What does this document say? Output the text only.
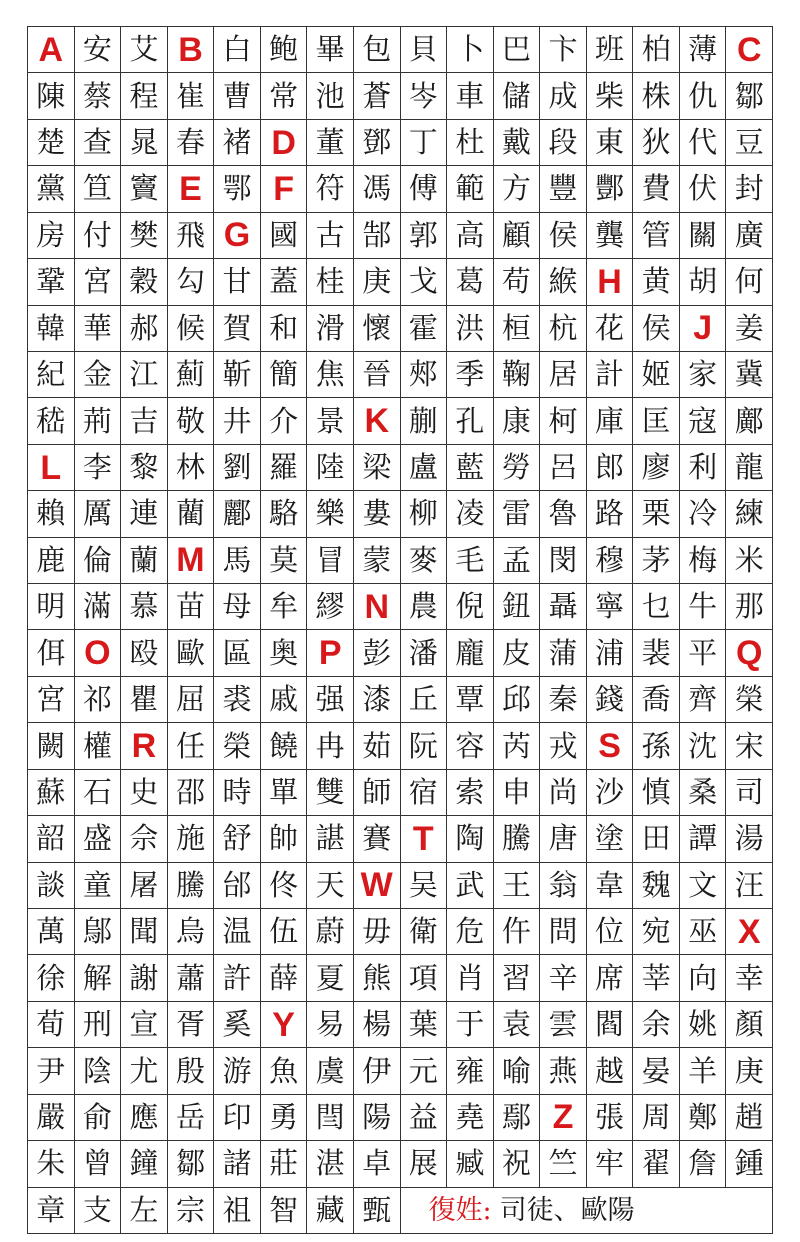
A 安 艾 B 白 鲍 畢 包 貝 卜 巴 卞 班 柏 薄 C
陳 蔡 程 崔 曹 常 池 蒼 岑 車 儲 成 柴 株 仇 鄒
楚 查 晁 春 褚 D 董 鄧 丁 杜 戴 段 東 狄 代 豆
黨 笪 竇 E 鄂 F 符 馮 傅 範 方 豐 酆 費 伏 封
房 付 樊 飛 G 國 古 郜 郭 高 顧 侯 龔 管 關 廣
鞏 宮 穀 勾 甘 蓋 桂 庚 戈 葛 苟 緱 H 黄 胡 何
韓 華 郝 候 賀 和 滑 懷 霍 洪 桓 杭 花 侯 J 姜
紀 金 江 薊 靳 簡 焦 晉 郟 季 鞠 居 計 姬 家 冀
嵇 荊 吉 敬 井 介 景 K 蒯 孔 康 柯 庫 匡 寇 鄺
L 李 黎 林 劉 羅 陸 梁 盧 藍 勞 呂 郎 廖 利 龍
賴 厲 連 藺 酈 駱 樂 婁 柳 凌 雷 魯 路 栗 冷 練
鹿 倫 蘭 M 馬 莫 冒 蒙 麥 毛 孟 閔 穆 茅 梅 米
明 滿 慕 苗 母 牟 繆 N 農 倪 鈕 聶 寧 乜 牛 那
佴 O 殴 歐 區 奥 P 彭 潘 龐 皮 蒲 浦 裴 平 Q
宮 祁 瞿 屈 裘 戚 强 漆 丘 覃 邱 秦 錢 喬 齊 榮
闕 權 R 任 榮 饒 冉 茹 阮 容 芮 戎 S 孫 沈 宋
蘇 石 史 邵 時 單 雙 師 宿 索 申 尚 沙 慎 桑 司
韶 盛 佘 施 舒 帥 諶 賽 T 陶 騰 唐 塗 田 譚 湯
談 童 屠 騰 邰 佟 天 W 吴 武 王 翁 韋 魏 文 汪
萬 鄔 聞 烏 温 伍 蔚 毋 衛 危 仵 問 位 宛 巫 X
徐 解 謝 蕭 許 薛 夏 熊 項 肖 習 辛 席 莘 向 幸
荀 刑 宣 胥 奚 Y 易 楊 葉 于 袁 雲 閻 余 姚 顏
尹 陰 尤 殷 游 魚 虞 伊 元 雍 喻 燕 越 晏 羊 庚
嚴 俞 應 岳 印 勇 閆 陽 益 堯 鄢 Z 張 周 鄭 趙
朱 曾 鐘 鄒 諸 莊 湛 卓 展 臧 祝 竺 牢 翟 詹 鍾
章 支 左 宗 祖 智 藏 甄	復姓: 司徒、歐陽
